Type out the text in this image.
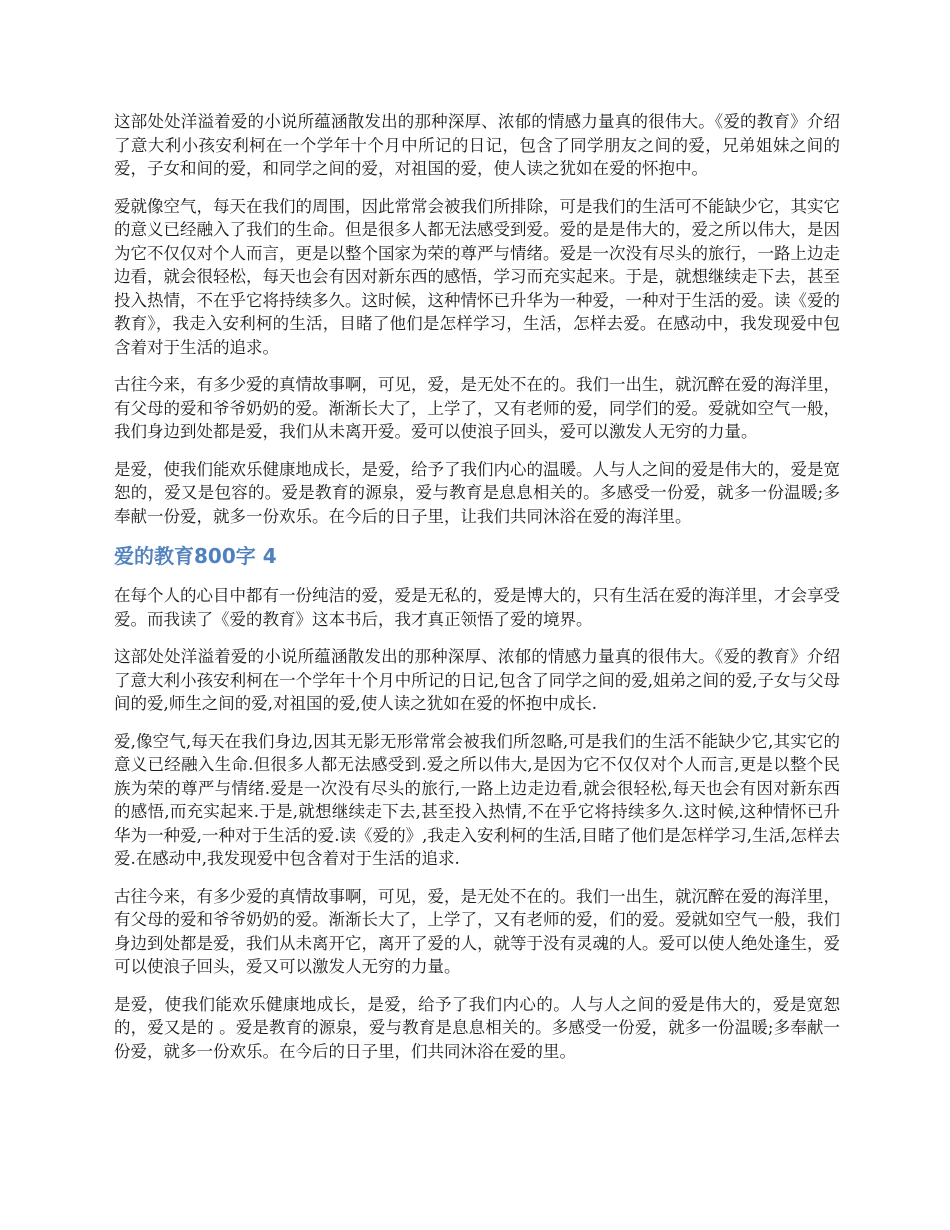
这部处处洋溢着爱的小说所蕴涵散发出的那种深厚、浓郁的情感力量真的很伟大。《爱的教育》介绍了意大利小孩安利柯在一个学年十个月中所记的日记，包含了同学朋友之间的爱，兄弟姐妹之间的爱，子女和间的爱，和同学之间的爱，对祖国的爱，使人读之犹如在爱的怀抱中。

爱就像空气，每天在我们的周围，因此常常会被我们所排除，可是我们的生活可不能缺少它，其实它的意义已经融入了我们的生命。但是很多人都无法感受到爱。爱的是是伟大的，爱之所以伟大，是因为它不仅仅对个人而言，更是以整个国家为荣的尊严与情绪。爱是一次没有尽头的旅行，一路上边走边看，就会很轻松，每天也会有因对新东西的感悟，学习而充实起来。于是，就想继续走下去，甚至投入热情，不在乎它将持续多久。这时候，这种情怀已升华为一种爱，一种对于生活的爱。读《爱的教育》，我走入安利柯的生活，目睹了他们是怎样学习，生活，怎样去爱。在感动中，我发现爱中包含着对于生活的追求。

古往今来，有多少爱的真情故事啊，可见，爱，是无处不在的。我们一出生，就沉醉在爱的海洋里，有父母的爱和爷爷奶奶的爱。渐渐长大了，上学了，又有老师的爱，同学们的爱。爱就如空气一般，我们身边到处都是爱，我们从未离开爱。爱可以使浪子回头，爱可以激发人无穷的力量。

是爱，使我们能欢乐健康地成长，是爱，给予了我们内心的温暖。人与人之间的爱是伟大的，爱是宽恕的，爱又是包容的。爱是教育的源泉，爱与教育是息息相关的。多感受一份爱，就多一份温暖;多奉献一份爱，就多一份欢乐。在今后的日子里，让我们共同沐浴在爱的海洋里。

爱的教育800字 4

在每个人的心目中都有一份纯洁的爱，爱是无私的，爱是博大的，只有生活在爱的海洋里，才会享受爱。而我读了《爱的教育》这本书后，我才真正领悟了爱的境界。

这部处处洋溢着爱的小说所蕴涵散发出的那种深厚、浓郁的情感力量真的很伟大。《爱的教育》介绍了意大利小孩安利柯在一个学年十个月中所记的日记,包含了同学之间的爱,姐弟之间的爱,子女与父母间的爱,师生之间的爱,对祖国的爱,使人读之犹如在爱的怀抱中成长.

爱,像空气,每天在我们身边,因其无影无形常常会被我们所忽略,可是我们的生活不能缺少它,其实它的意义已经融入生命.但很多人都无法感受到.爱之所以伟大,是因为它不仅仅对个人而言,更是以整个民族为荣的尊严与情绪.爱是一次没有尽头的旅行,一路上边走边看,就会很轻松,每天也会有因对新东西的感悟,而充实起来.于是,就想继续走下去,甚至投入热情,不在乎它将持续多久.这时候,这种情怀已升华为一种爱,一种对于生活的爱.读《爱的》,我走入安利柯的生活,目睹了他们是怎样学习,生活,怎样去爱.在感动中,我发现爱中包含着对于生活的追求.

古往今来，有多少爱的真情故事啊，可见，爱，是无处不在的。我们一出生，就沉醉在爱的海洋里，有父母的爱和爷爷奶奶的爱。渐渐长大了，上学了，又有老师的爱，们的爱。爱就如空气一般，我们身边到处都是爱，我们从未离开它，离开了爱的人，就等于没有灵魂的人。爱可以使人绝处逢生，爱可以使浪子回头，爱又可以激发人无穷的力量。

是爱，使我们能欢乐健康地成长，是爱，给予了我们内心的。人与人之间的爱是伟大的，爱是宽恕的，爱又是的 。爱是教育的源泉，爱与教育是息息相关的。多感受一份爱，就多一份温暖;多奉献一份爱，就多一份欢乐。在今后的日子里，们共同沐浴在爱的里。
